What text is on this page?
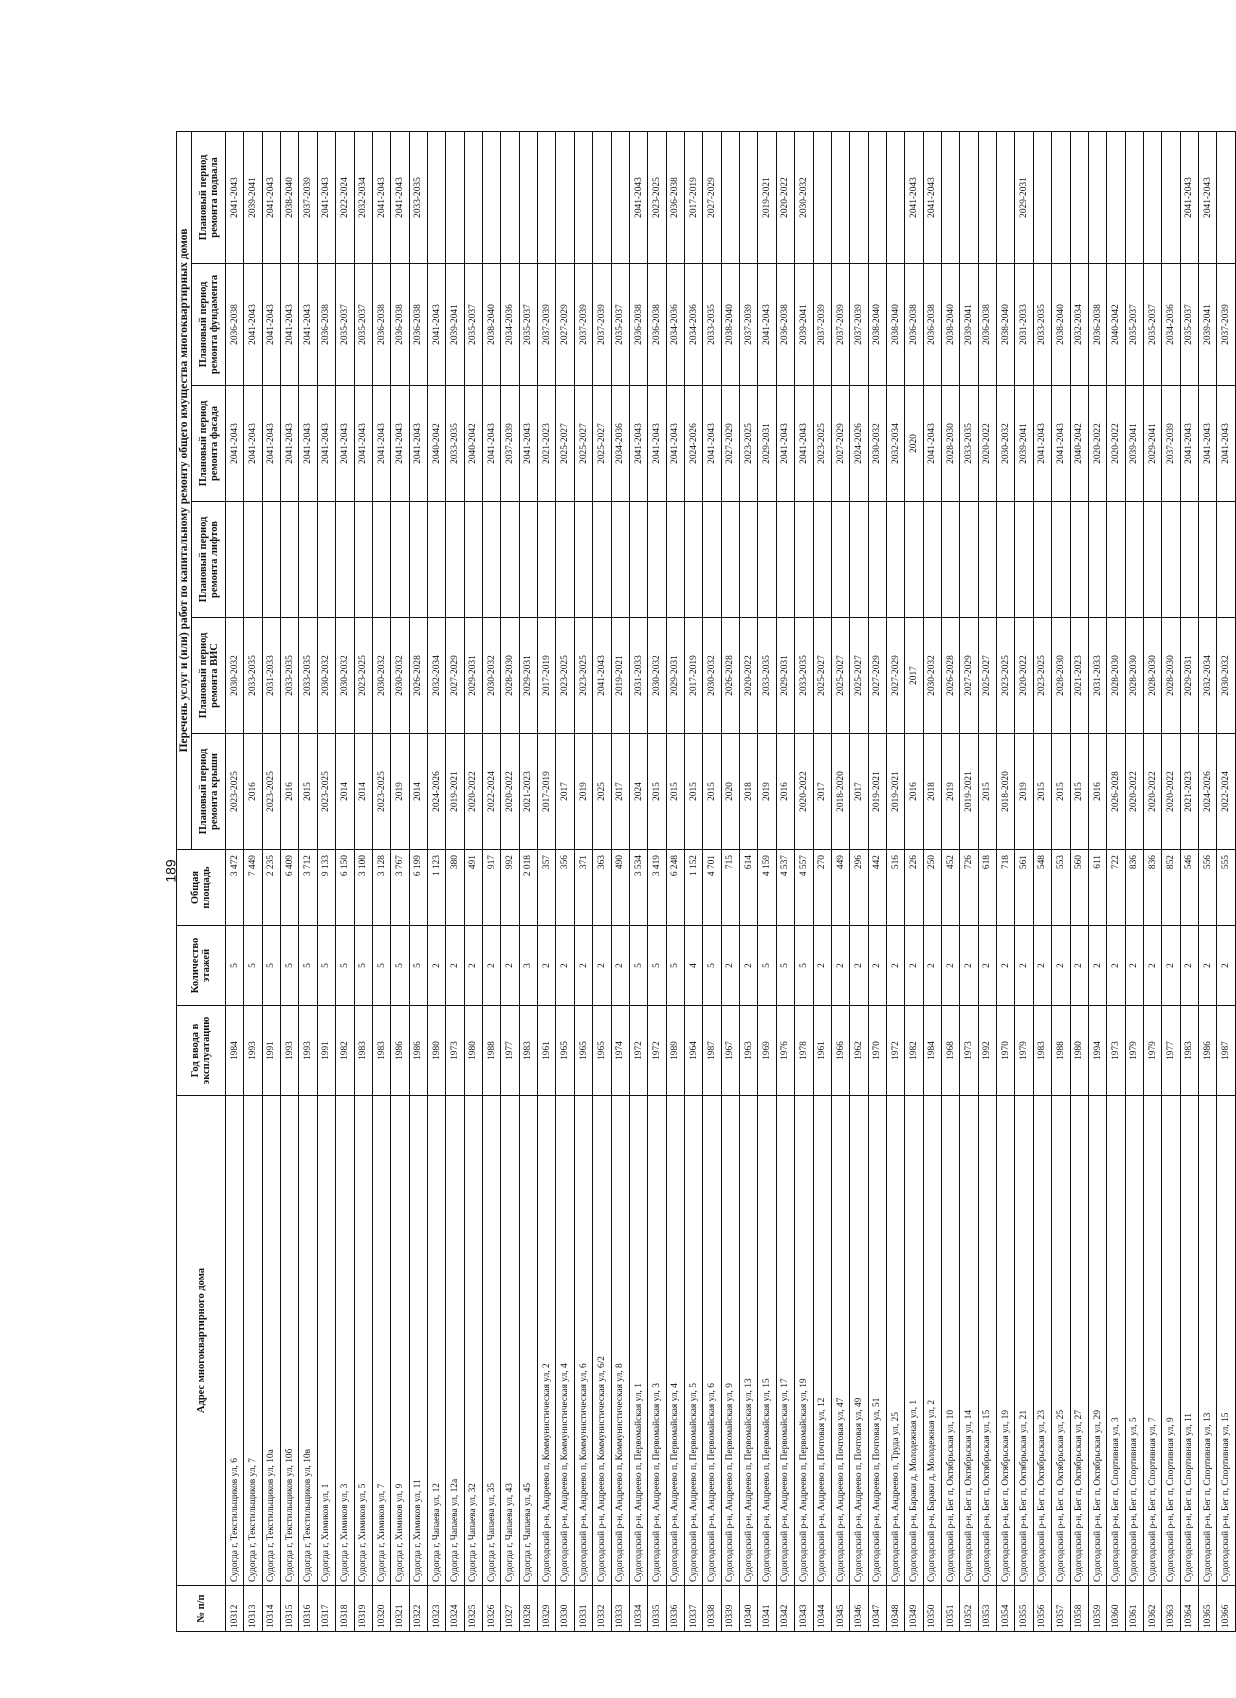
189
№ п/п	Адрес многоквартирного дома	Год ввода в эксплуатацию	Количество этажей	Общая площадь	Перечень услуг и (или) работ по капитальному ремонту общего имущества многоквартирных домов					
					Плановый период ремонта крыши	Плановый период ремонта ВИС	Плановый период ремонта лифтов	Плановый период ремонта фасада	Плановый период ремонта фундамента	Плановый период ремонта подвала
10312	Судогда г, Текстильщиков ул, 6	1984	5	3 472	2023-2025	2030-2032		2041-2043	2036-2038	2041-2043
10313	Судогда г, Текстильщиков ул, 7	1993	5	7 449	2016	2033-2035		2041-2043	2041-2043	2039-2041
10314	Судогда г, Текстильщиков ул, 10а	1991	5	2 235	2023-2025	2031-2033		2041-2043	2041-2043	2041-2043
10315	Судогда г, Текстильщиков ул, 10б	1993	5	6 409	2016	2033-2035		2041-2043	2041-2043	2038-2040
10316	Судогда г, Текстильщиков ул, 10в	1993	5	3 712	2015	2033-2035		2041-2043	2041-2043	2037-2039
10317	Судогда г, Химиков ул, 1	1991	5	9 133	2023-2025	2030-2032		2041-2043	2036-2038	2041-2043
10318	Судогда г, Химиков ул, 3	1982	5	6 150	2014	2030-2032		2041-2043	2035-2037	2022-2024
10319	Судогда г, Химиков ул, 5	1983	5	3 100	2014	2023-2025		2041-2043	2035-2037	2032-2034
10320	Судогда г, Химиков ул, 7	1983	5	3 128	2023-2025	2030-2032		2041-2043	2036-2038	2041-2043
10321	Судогда г, Химиков ул, 9	1986	5	3 767	2019	2030-2032		2041-2043	2036-2038	2041-2043
10322	Судогда г, Химиков ул, 11	1986	5	6 199	2014	2026-2028		2041-2043	2036-2038	2033-2035
10323	Судогда г, Чапаева ул, 12	1980	2	1 123	2024-2026	2032-2034		2040-2042	2041-2043	
10324	Судогда г, Чапаева ул, 12а	1973	2	380	2019-2021	2027-2029		2033-2035	2039-2041	
10325	Судогда г, Чапаева ул, 32	1980	2	491	2020-2022	2029-2031		2040-2042	2035-2037	
10326	Судогда г, Чапаева ул, 35	1988	2	917	2022-2024	2030-2032		2041-2043	2038-2040	
10327	Судогда г, Чапаева ул, 43	1977	2	992	2020-2022	2028-2030		2037-2039	2034-2036	
10328	Судогда г, Чапаева ул, 45	1983	3	2 018	2021-2023	2029-2031		2041-2043	2035-2037	
10329	Судогодский р-н, Андреево п, Коммунистическая ул, 2	1961	2	357	2017-2019	2017-2019		2021-2023	2037-2039	
10330	Судогодский р-н, Андреево п, Коммунистическая ул, 4	1965	2	356	2017	2023-2025		2025-2027	2027-2029	
10331	Судогодский р-н, Андреево п, Коммунистическая ул, 6	1965	2	371	2019	2023-2025		2025-2027	2037-2039	
10332	Судогодский р-н, Андреево п, Коммунистическая ул, 6/2	1965	2	363	2025	2041-2043		2025-2027	2037-2039	
10333	Судогодский р-н, Андреево п, Коммунистическая ул, 8	1974	2	490	2017	2019-2021		2034-2036	2035-2037	
10334	Судогодский р-н, Андреево п, Первомайская ул, 1	1972	5	3 534	2024	2031-2033		2041-2043	2036-2038	2041-2043
10335	Судогодский р-н, Андреево п, Первомайская ул, 3	1972	5	3 419	2015	2030-2032		2041-2043	2036-2038	2023-2025
10336	Судогодский р-н, Андреево п, Первомайская ул, 4	1989	5	6 248	2015	2029-2031		2041-2043	2034-2036	2036-2038
10337	Судогодский р-н, Андреево п, Первомайская ул, 5	1964	4	1 152	2015	2017-2019		2024-2026	2034-2036	2017-2019
10338	Судогодский р-н, Андреево п, Первомайская ул, 6	1987	5	4 701	2015	2030-2032		2041-2043	2033-2035	2027-2029
10339	Судогодский р-н, Андреево п, Первомайская ул, 9	1967	2	715	2020	2026-2028		2027-2029	2038-2040	
10340	Судогодский р-н, Андреево п, Первомайская ул, 13	1963	2	614	2018	2020-2022		2023-2025	2037-2039	
10341	Судогодский р-н, Андреево п, Первомайская ул, 15	1969	5	4 159	2019	2033-2035		2029-2031	2041-2043	2019-2021
10342	Судогодский р-н, Андреево п, Первомайская ул, 17	1976	5	4 537	2016	2029-2031		2041-2043	2036-2038	2020-2022
10343	Судогодский р-н, Андреево п, Первомайская ул, 19	1978	5	4 557	2020-2022	2033-2035		2041-2043	2039-2041	2030-2032
10344	Судогодский р-н, Андреево п, Почтовая ул, 12	1961	2	270	2017	2025-2027		2023-2025	2037-2039	
10345	Судогодский р-н, Андреево п, Почтовая ул, 47	1966	2	449	2018-2020	2025-2027		2027-2029	2037-2039	
10346	Судогодский р-н, Андреево п, Почтовая ул, 49	1962	2	296	2017	2025-2027		2024-2026	2037-2039	
10347	Судогодский р-н, Андреево п, Почтовая ул, 51	1970	2	442	2019-2021	2027-2029		2030-2032	2038-2040	
10348	Судогодский р-н, Андреево п, Труда ул, 25	1972	2	516	2019-2021	2027-2029		2032-2034	2038-2040	
10349	Судогодский р-н, Бараки д, Молодежная ул, 1	1982	2	226	2016	2017		2020	2036-2038	2041-2043
10350	Судогодский р-н, Бараки д, Молодежная ул, 2	1984	2	250	2018	2030-2032		2041-2043	2036-2038	2041-2043
10351	Судогодский р-н, Бег п, Октябрьская ул, 10	1968	2	452	2019	2026-2028		2028-2030	2038-2040	
10352	Судогодский р-н, Бег п, Октябрьская ул, 14	1973	2	726	2019-2021	2027-2029		2033-2035	2039-2041	
10353	Судогодский р-н, Бег п, Октябрьская ул, 15	1992	2	618	2015	2025-2027		2020-2022	2036-2038	
10354	Судогодский р-н, Бег п, Октябрьская ул, 19	1970	2	718	2018-2020	2023-2025		2030-2032	2038-2040	
10355	Судогодский р-н, Бег п, Октябрьская ул, 21	1979	2	561	2019	2020-2022		2039-2041	2031-2033	2029-2031
10356	Судогодский р-н, Бег п, Октябрьская ул, 23	1983	2	548	2015	2023-2025		2041-2043	2033-2035	
10357	Судогодский р-н, Бег п, Октябрьская ул, 25	1988	2	553	2015	2028-2030		2041-2043	2038-2040	
10358	Судогодский р-н, Бег п, Октябрьская ул, 27	1980	2	560	2015	2021-2023		2040-2042	2032-2034	
10359	Судогодский р-н, Бег п, Октябрьская ул, 29	1994	2	611	2016	2031-2033		2020-2022	2036-2038	
10360	Судогодский р-н, Бег п, Спортивная ул, 3	1973	2	722	2026-2028	2028-2030		2020-2022	2040-2042	
10361	Судогодский р-н, Бег п, Спортивная ул, 5	1979	2	836	2020-2022	2028-2030		2039-2041	2035-2037	
10362	Судогодский р-н, Бег п, Спортивная ул, 7	1979	2	836	2020-2022	2028-2030		2029-2041	2035-2037	
10363	Судогодский р-н, Бег п, Спортивная ул, 9	1977	2	852	2020-2022	2028-2030		2037-2039	2034-2036	
10364	Судогодский р-н, Бег п, Спортивная ул, 11	1983	2	546	2021-2023	2029-2031		2041-2043	2035-2037	2041-2043
10365	Судогодский р-н, Бег п, Спортивная ул, 13	1986	2	556	2024-2026	2032-2034		2041-2043	2039-2041	2041-2043
10366	Судогодский р-н, Бег п, Спортивная ул, 15	1987	2	555	2022-2024	2030-2032		2041-2043	2037-2039	
